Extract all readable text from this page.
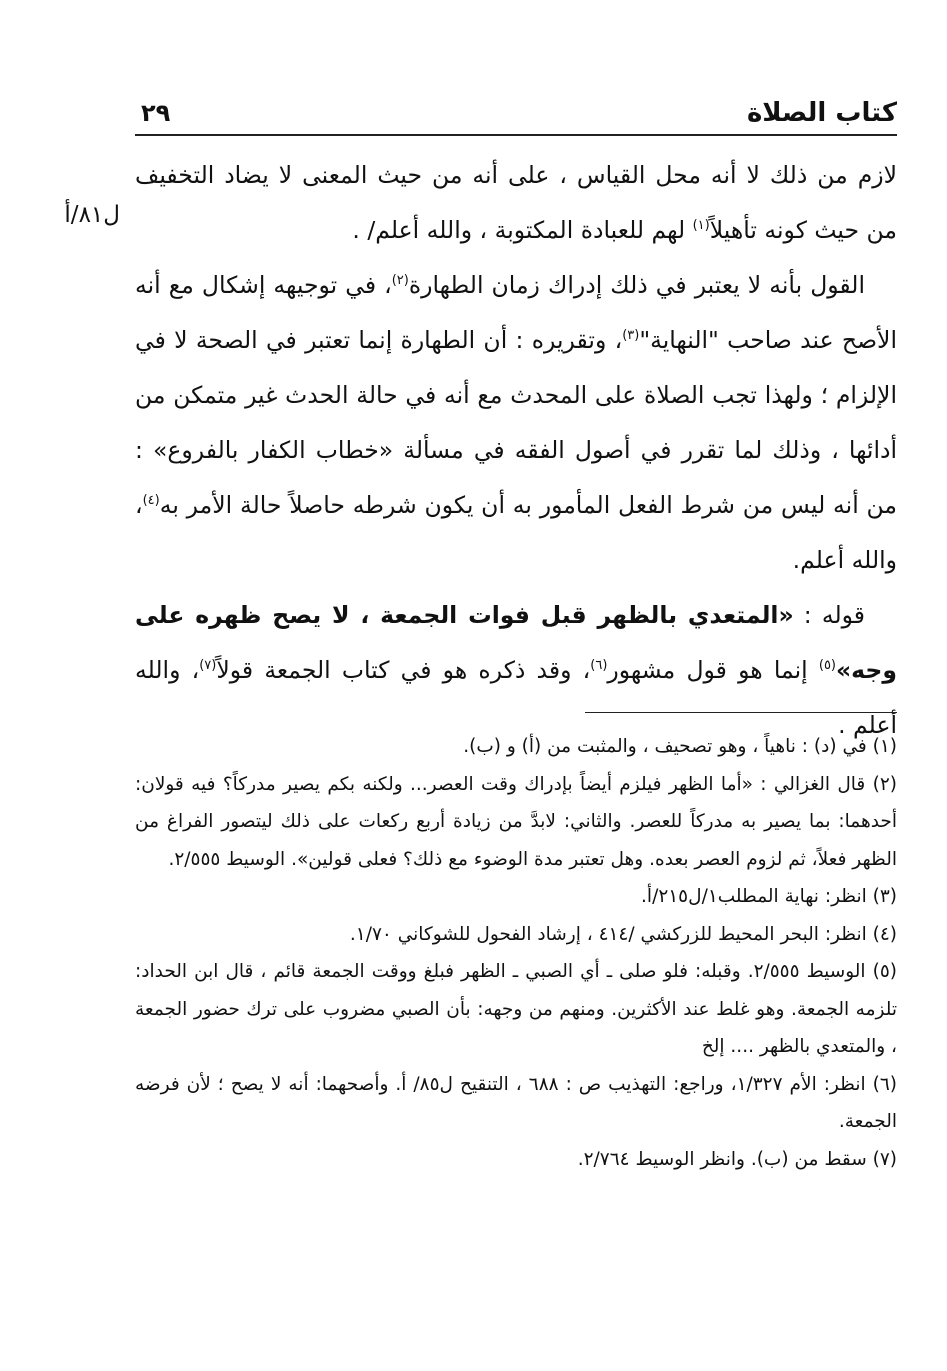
كتاب الصلاة
٢٩
ل٨١/أ

لازم من ذلك لا أنه محل القياس ، على أنه من حيث المعنى لا يضاد التخفيف من حيث كونه تأهيلاً$^{(١)}$ لهم للعبادة المكتوبة ، والله أعلم/ .

القول بأنه لا يعتبر في ذلك إدراك زمان الطهارة$^{(٢)}$، في توجيهه إشكال مع أنه الأصح عند صاحب "النهاية"$^{(٣)}$، وتقريره : أن الطهارة إنما تعتبر في الصحة لا في الإلزام ؛ ولهذا تجب الصلاة على المحدث مع أنه في حالة الحدث غير متمكن من أدائها ، وذلك لما تقرر في أصول الفقه في مسألة «خطاب الكفار بالفروع» : من أنه ليس من شرط الفعل المأمور به أن يكون شرطه حاصلاً حالة الأمر به$^{(٤)}$، والله أعلم.

قوله : «المتعدي بالظهر قبل فوات الجمعة ، لا يصح ظهره على وجه»$^{(٥)}$ إنما هو قول مشهور$^{(٦)}$، وقد ذكره هو في كتاب الجمعة قولاً$^{(٧)}$، والله أعلم .

(١) في (د) : ناهياً ، وهو تصحيف ، والمثبت من (أ) و (ب).

(٢) قال الغزالي : «أما الظهر فيلزم أيضاً بإدراك وقت العصر... ولكنه بكم يصير مدركاً؟ فيه قولان: أحدهما: بما يصير به مدركاً للعصر. والثاني: لابدَّ من زيادة أربع ركعات على ذلك ليتصور الفراغ من الظهر فعلاً، ثم لزوم العصر بعده. وهل تعتبر مدة الوضوء مع ذلك؟ فعلى قولين». الوسيط ٢/٥٥٥.

(٣) انظر: نهاية المطلب١/ل٢١٥/أ.

(٤) انظر: البحر المحيط للزركشي /٤١٤ ، إرشاد الفحول للشوكاني ١/٧٠.

(٥) الوسيط ٢/٥٥٥. وقبله: فلو صلى ـ أي الصبي ـ الظهر فبلغ ووقت الجمعة قائم ، قال ابن الحداد: تلزمه الجمعة. وهو غلط عند الأكثرين. ومنهم من وجهه: بأن الصبي مضروب على ترك حضور الجمعة ، والمتعدي بالظهر .... إلخ

(٦) انظر: الأم ١/٣٢٧، وراجع: التهذيب ص : ٦٨٨ ، التنقيح ل٨٥/ أ. وأصحهما: أنه لا يصح ؛ لأن فرضه الجمعة.

(٧) سقط من (ب). وانظر الوسيط ٢/٧٦٤.
